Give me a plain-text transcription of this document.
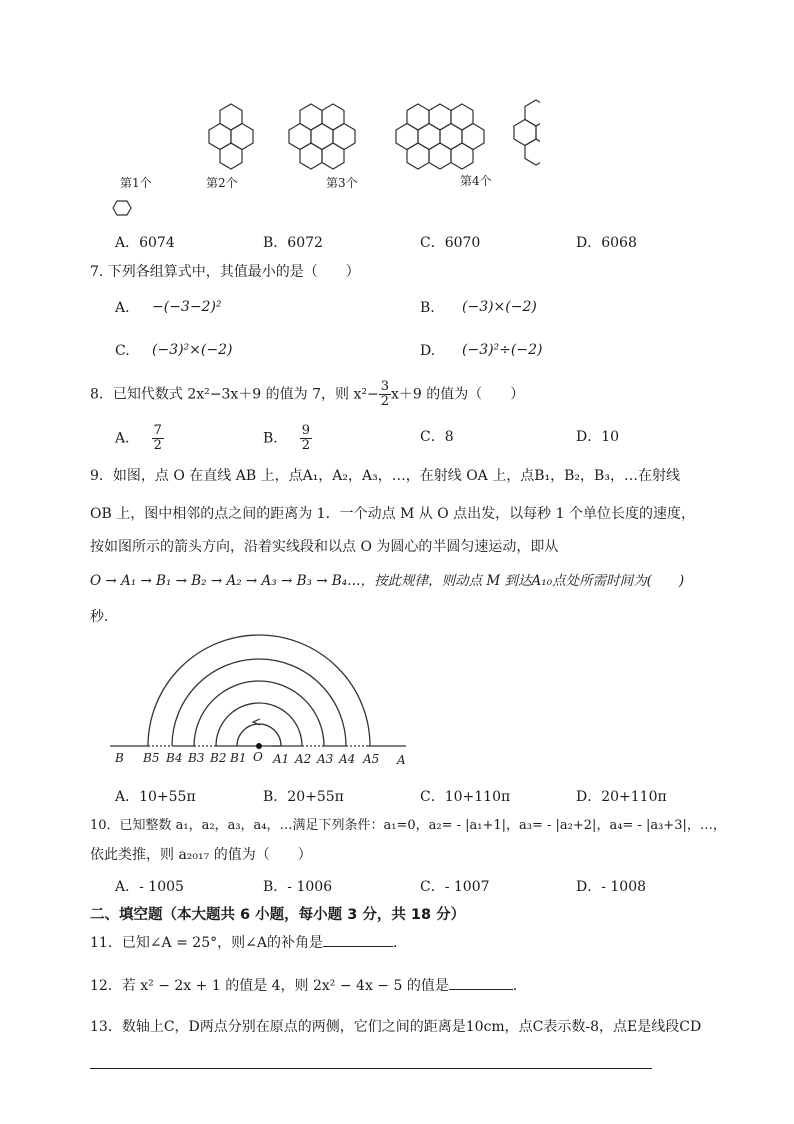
第1个	第2个	第3个	第4个
A．6074	B．6072	C．6070	D．6068
7. 下列各组算式中，其值最小的是（　　）
A. −(−3−2)²	B. (−3)×(−2)
C. (−3)²×(−2)	D. (−3)²÷(−2)
8．已知代数式 2x²−3x＋9 的值为 7，则 $x^2- \frac{3}{2} x+9$ 的值为（　　）
A． $\frac{7}{2}$	B． $\frac{9}{2}$	C．8	D．10
9．如图，点 O 在直线 AB 上，点A₁，A₂，A₃，…，在射线 OA 上，点B₁，B₂，B₃，…在射线
OB 上，图中相邻的点之间的距离为 1．一个动点 M 从 O 点出发，以每秒 1 个单位长度的速度，
按如图所示的箭头方向，沿着实线段和以点 O 为圆心的半圆匀速运动，即从
O → A₁ → B₁ → B₂ → A₂ → A₃ → B₃ → B₄…，按此规律，则动点 M 到达A₁₀点处所需时间为(　　)
秒．
B B5 B4 B3 B2 B1 O A1 A2 A3 A4 A5 A
A．10+55π	B．20+55π	C．10+110π	D．20+110π
10．已知整数 a₁，a₂，a₃，a₄，…满足下列条件：a₁=0，a₂= - |a₁+1|，a₃= - |a₂+2|，a₄= - |a₃+3|，…，
依此类推，则 a₂₀₁₇ 的值为（　　）
A．- 1005	B．- 1006	C．- 1007	D．- 1008
二、填空题（本大题共 6 小题，每小题 3 分，共 18 分）
11．已知∠A = 25°，则∠A的补角是	．
12．若 x² − 2x + 1 的值是 4，则 2x² − 4x − 5 的值是	．
13．数轴上C，D两点分别在原点的两侧，它们之间的距离是10cm，点C表示数-8，点E是线段CD
